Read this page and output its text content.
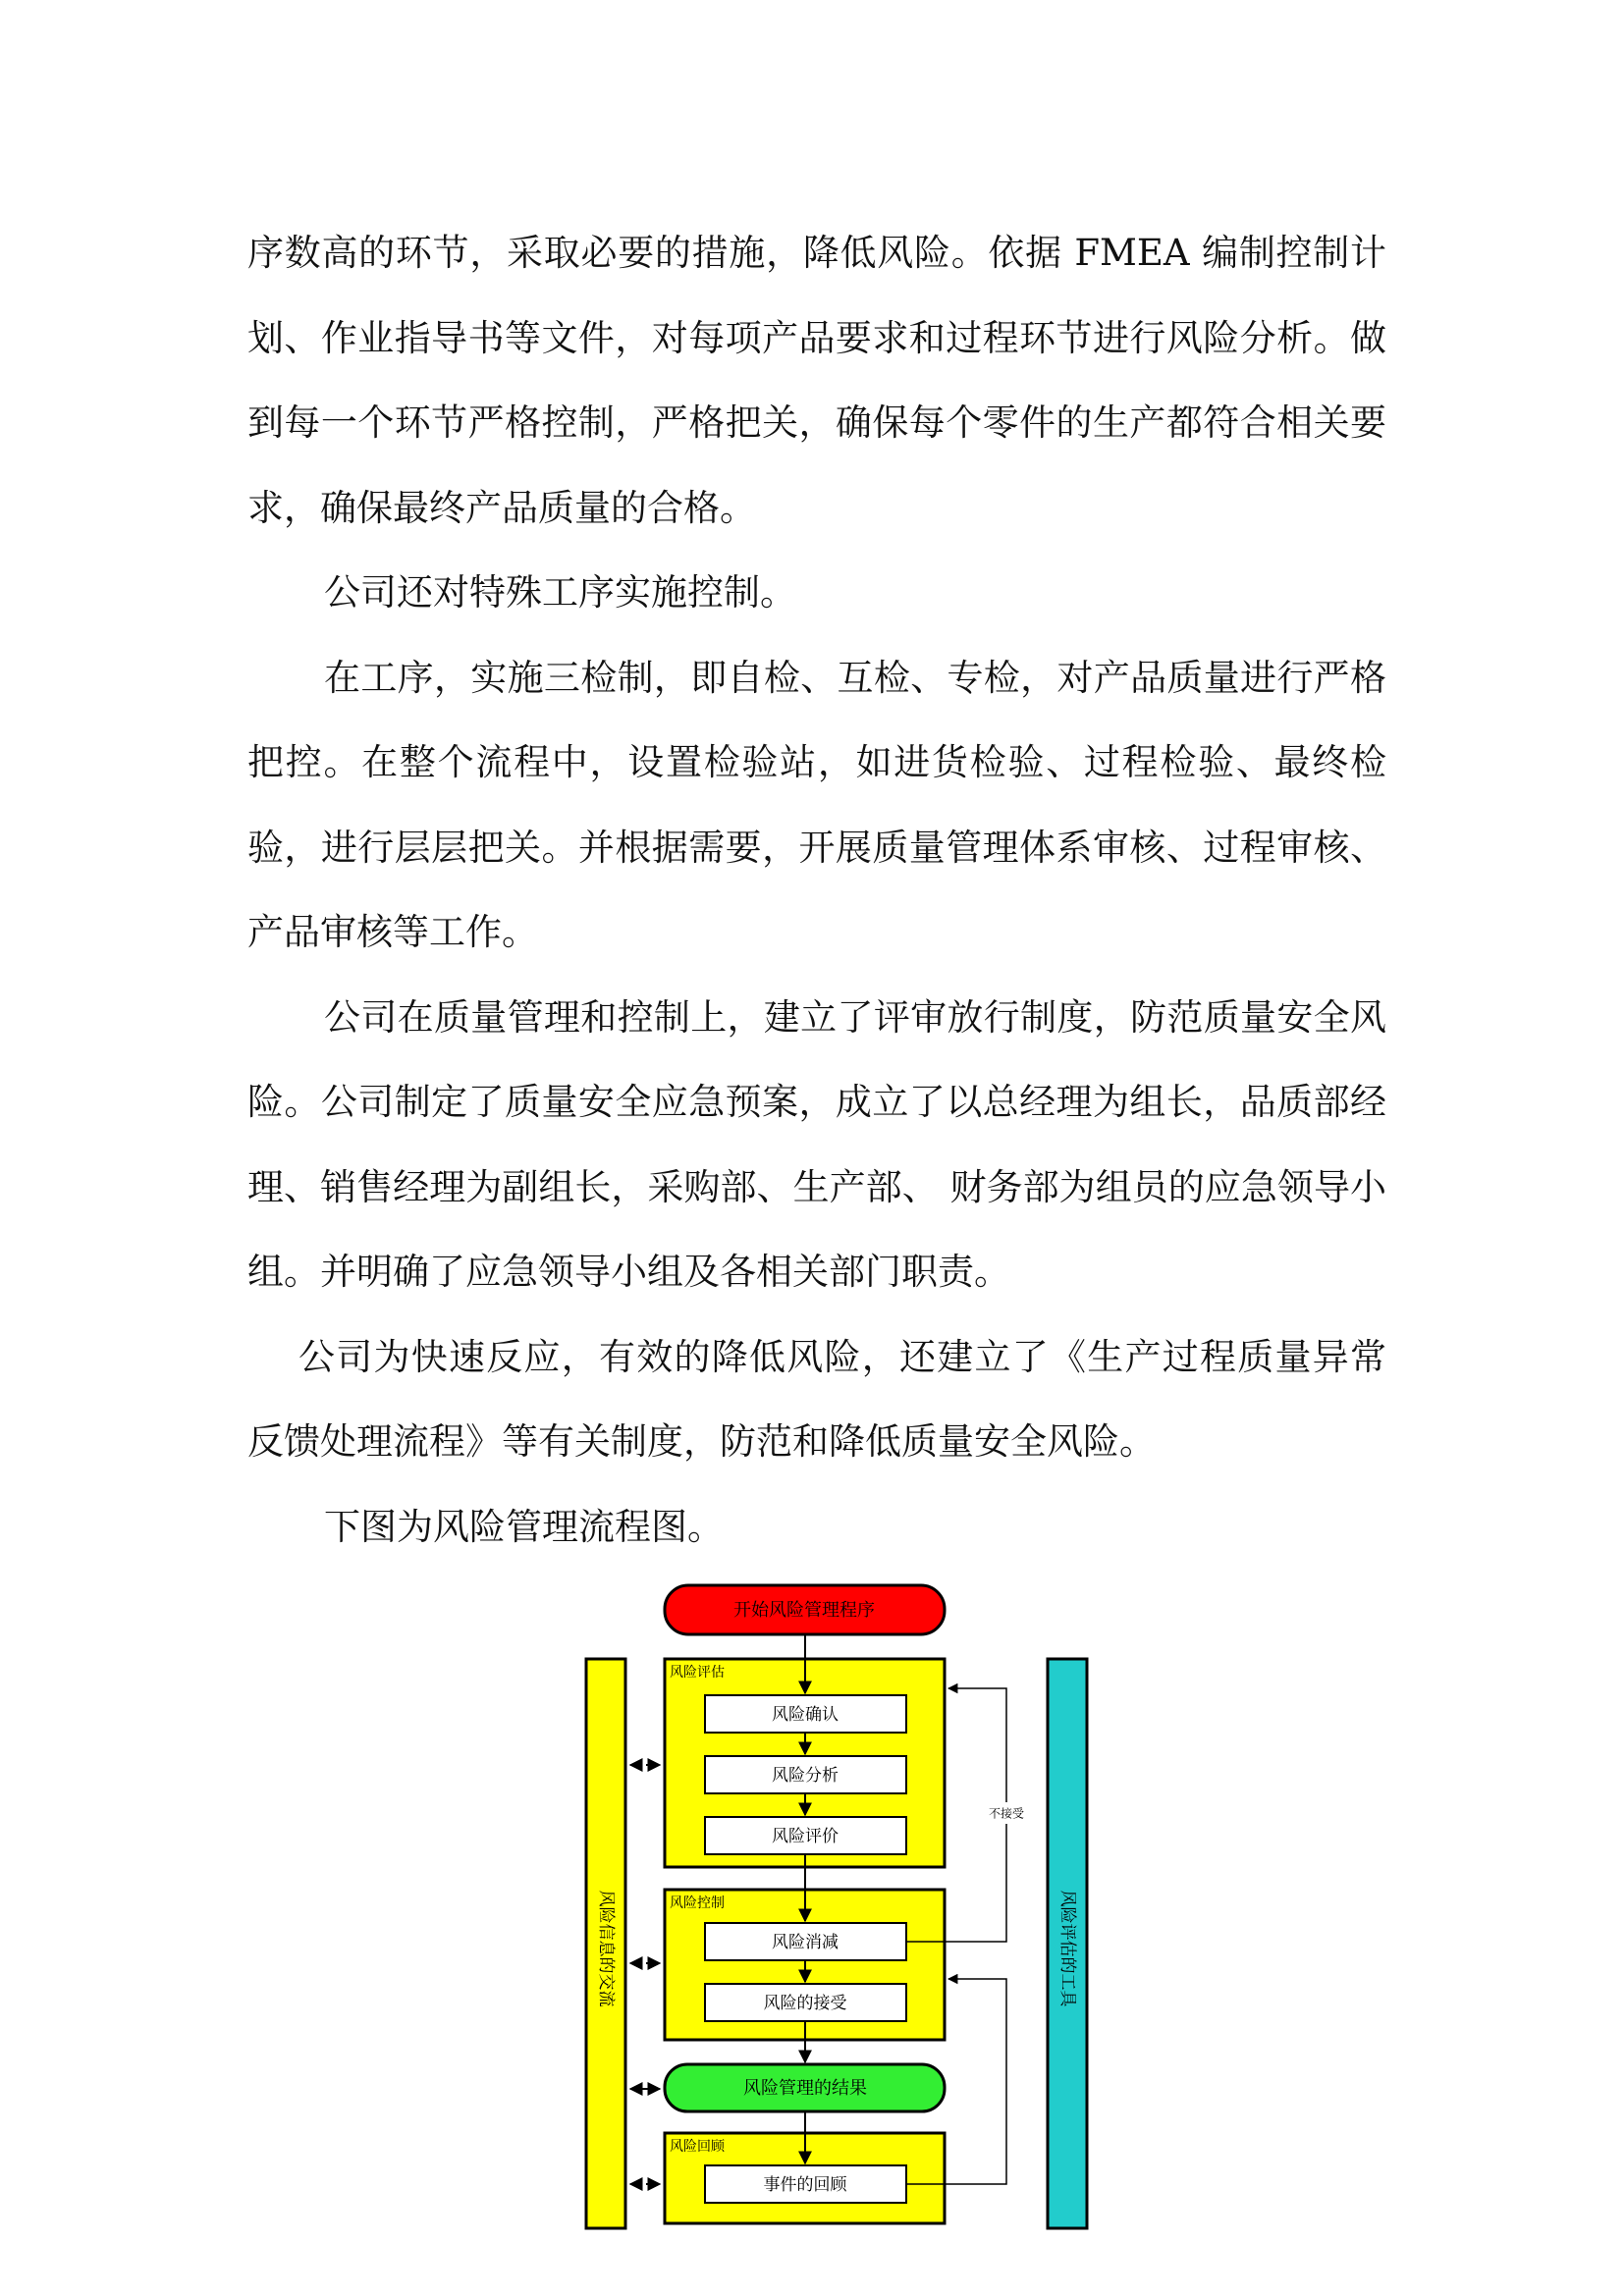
序数高的环节，采取必要的措施，降低风险。依据 FMEA 编制控制计划、作业指导书等文件，对每项产品要求和过程环节进行风险分析。做到每一个环节严格控制，严格把关，确保每个零件的生产都符合相关要求，确保最终产品质量的合格。

公司还对特殊工序实施控制。

在工序，实施三检制，即自检、互检、专检，对产品质量进行严格把控。在整个流程中，设置检验站，如进货检验、过程检验、最终检验，进行层层把关。并根据需要，开展质量管理体系审核、过程审核、产品审核等工作。

公司在质量管理和控制上，建立了评审放行制度，防范质量安全风险。公司制定了质量安全应急预案，成立了以总经理为组长，品质部经理、销售经理为副组长，采购部、生产部、 财务部为组员的应急领导小组。并明确了应急领导小组及各相关部门职责。

公司为快速反应，有效的降低风险，还建立了《生产过程质量异常反馈处理流程》等有关制度，防范和降低质量安全风险。

下图为风险管理流程图。

风险信息的交流	风险评估的工具
开始风险管理程序
风险评估
风险确认
风险分析
风险评价
风险控制
风险消减
风险的接受
风险管理的结果
风险回顾
事件的回顾
不接受
